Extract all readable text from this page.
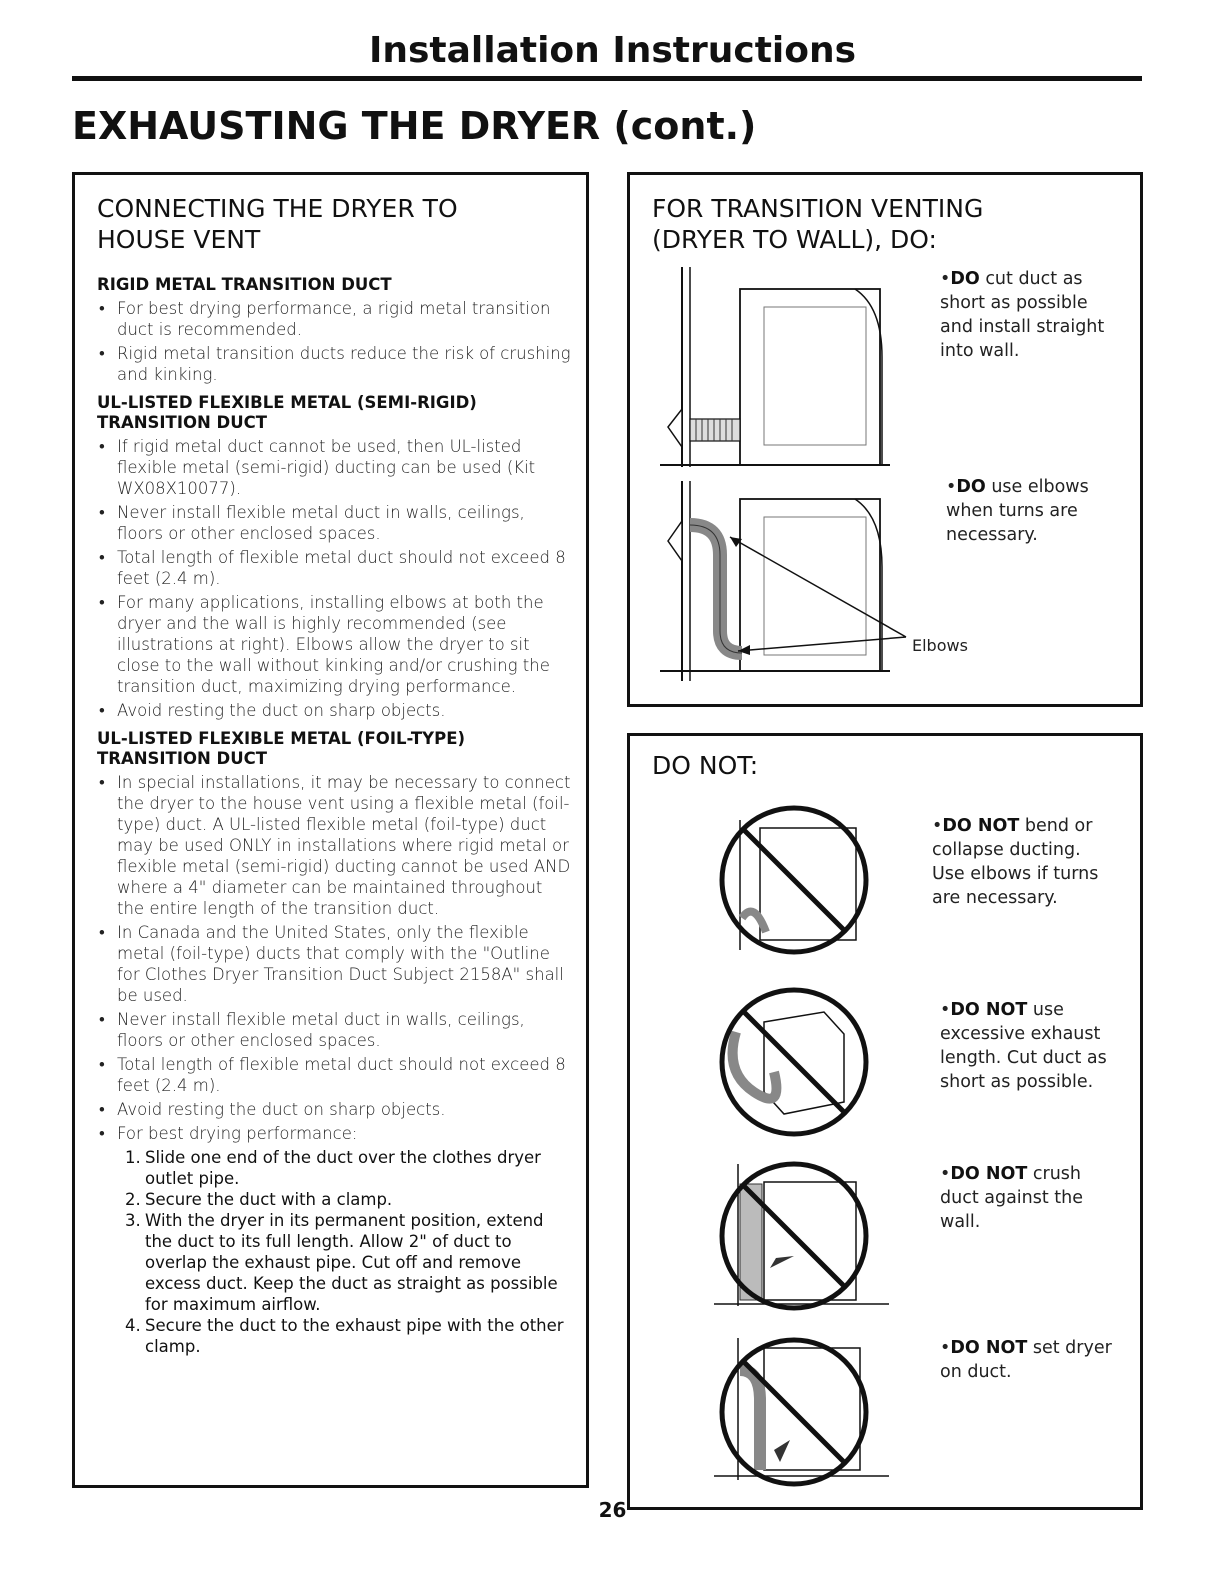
Installation Instructions
EXHAUSTING THE DRYER (cont.)
CONNECTING THE DRYER TO
HOUSE VENT
RIGID METAL TRANSITION DUCT
• For best drying performance, a rigid metal transition duct is recommended.
• Rigid metal transition ducts reduce the risk of crushing and kinking.
UL-LISTED FLEXIBLE METAL (SEMI-RIGID)
TRANSITION DUCT
• If rigid metal duct cannot be used, then UL-listed flexible metal (semi-rigid) ducting can be used (Kit WX08X10077).
• Never install flexible metal duct in walls, ceilings, floors or other enclosed spaces.
• Total length of flexible metal duct should not exceed 8 feet (2.4 m).
• For many applications, installing elbows at both the dryer and the wall is highly recommended (see illustrations at right). Elbows allow the dryer to sit close to the wall without kinking and/or crushing the transition duct, maximizing drying performance.
• Avoid resting the duct on sharp objects.
UL-LISTED FLEXIBLE METAL (FOIL-TYPE)
TRANSITION DUCT
• In special installations, it may be necessary to connect the dryer to the house vent using a flexible metal (foil-type) duct. A UL-listed flexible metal (foil-type) duct may be used ONLY in installations where rigid metal or flexible metal (semi-rigid) ducting cannot be used AND where a 4" diameter can be maintained throughout the entire length of the transition duct.
• In Canada and the United States, only the flexible metal (foil-type) ducts that comply with the "Outline for Clothes Dryer Transition Duct Subject 2158A" shall be used.
• Never install flexible metal duct in walls, ceilings, floors or other enclosed spaces.
• Total length of flexible metal duct should not exceed 8 feet (2.4 m).
• Avoid resting the duct on sharp objects.
• For best drying performance:
1. Slide one end of the duct over the clothes dryer outlet pipe.
2. Secure the duct with a clamp.
3. With the dryer in its permanent position, extend the duct to its full length. Allow 2" of duct to overlap the exhaust pipe. Cut off and remove excess duct. Keep the duct as straight as possible for maximum airflow.
4. Secure the duct to the exhaust pipe with the other clamp.
FOR TRANSITION VENTING
(DRYER TO WALL), DO:
Elbows
•DO cut duct as short as possible and install straight into wall.
•DO use elbows when turns are necessary.
DO NOT:
•DO NOT bend or collapse ducting. Use elbows if turns are necessary.
•DO NOT use excessive exhaust length. Cut duct as short as possible.
•DO NOT crush duct against the wall.
•DO NOT set dryer on duct.
26
